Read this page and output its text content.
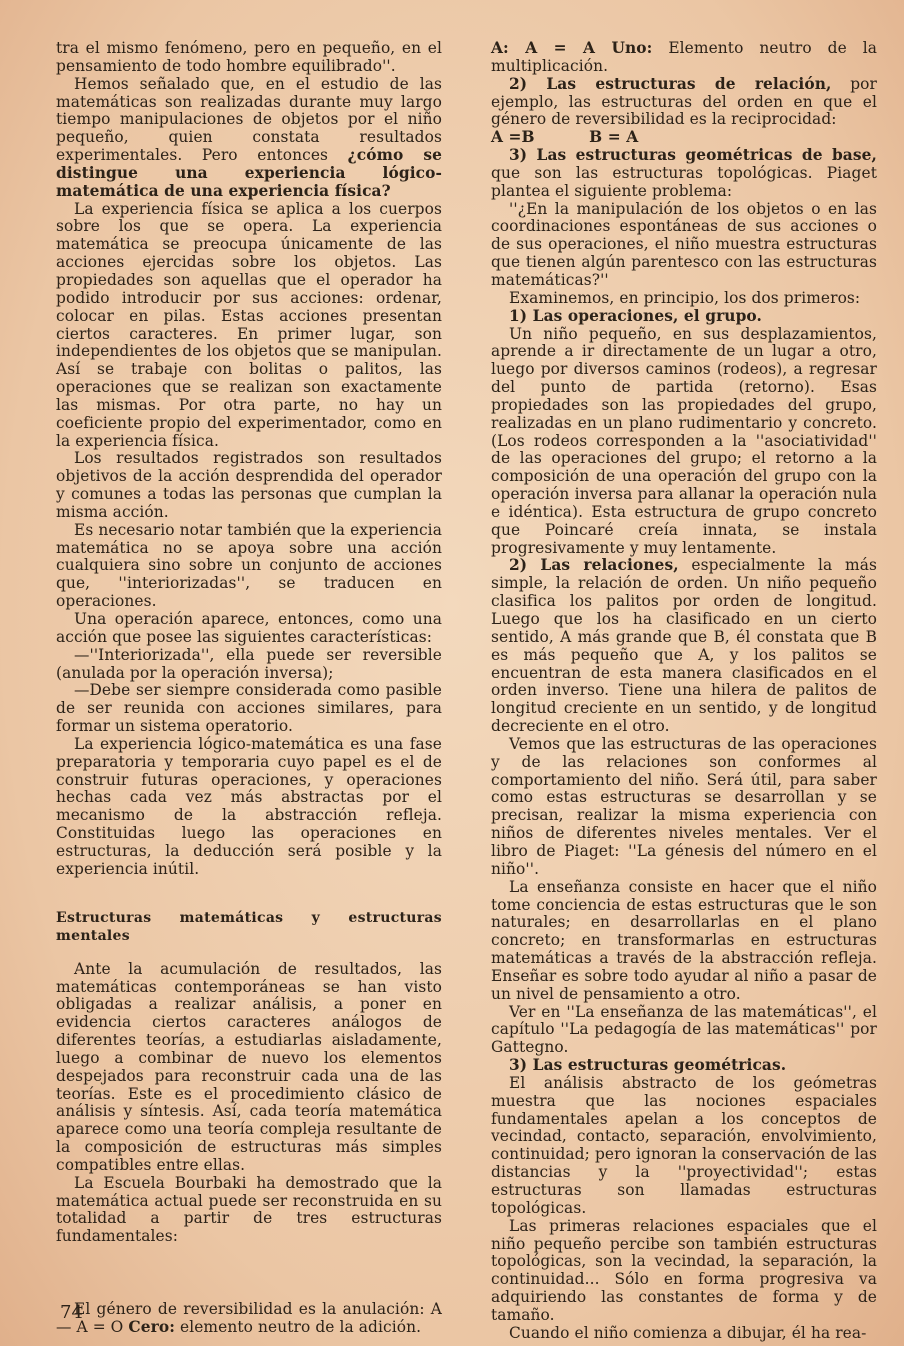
tra el mismo fenómeno, pero en pequeño, en el pensamiento de todo hombre equilibrado''.

Hemos señalado que, en el estudio de las matemáticas son realizadas durante muy largo tiempo manipulaciones de objetos por el niño pequeño, quien constata resultados experimentales. Pero entonces ¿cómo se distingue una experiencia lógico-matemática de una experiencia física?

La experiencia física se aplica a los cuerpos sobre los que se opera. La experiencia matemática se preocupa únicamente de las acciones ejercidas sobre los objetos. Las propiedades son aquellas que el operador ha podido introducir por sus acciones: ordenar, colocar en pilas. Estas acciones presentan ciertos caracteres. En primer lugar, son independientes de los objetos que se manipulan. Así se trabaje con bolitas o palitos, las operaciones que se realizan son exactamente las mismas. Por otra parte, no hay un coeficiente propio del experimentador, como en la experiencia física.

Los resultados registrados son resultados objetivos de la acción desprendida del operador y comunes a todas las personas que cumplan la misma acción.

Es necesario notar también que la experiencia matemática no se apoya sobre una acción cualquiera sino sobre un conjunto de acciones que, ''interiorizadas'', se traducen en operaciones.

Una operación aparece, entonces, como una acción que posee las siguientes características:

—''Interiorizada'', ella puede ser reversible (anulada por la operación inversa);

—Debe ser siempre considerada como pasible de ser reunida con acciones similares, para formar un sistema operatorio.

La experiencia lógico-matemática es una fase preparatoria y temporaria cuyo papel es el de construir futuras operaciones, y operaciones hechas cada vez más abstractas por el mecanismo de la abstracción refleja. Constituidas luego las operaciones en estructuras, la deducción será posible y la experiencia inútil.

Estructuras matemáticas y estructuras mentales

Ante la acumulación de resultados, las matemáticas contemporáneas se han visto obligadas a realizar análisis, a poner en evidencia ciertos caracteres análogos de diferentes teorías, a estudiarlas aisladamente, luego a combinar de nuevo los elementos despejados para reconstruir cada una de las teorías. Este es el procedimiento clásico de análisis y síntesis. Así, cada teoría matemática aparece como una teoría compleja resultante de la composición de estructuras más simples compatibles entre ellas.

La Escuela Bourbaki ha demostrado que la matemática actual puede ser reconstruida en su totalidad a partir de tres estructuras fundamentales:

El género de reversibilidad es la anulación: A — A = O Cero: elemento neutro de la adición.

A: A = A Uno: Elemento neutro de la multiplicación.

2) Las estructuras de relación, por ejemplo, las estructuras del orden en que el género de reversibilidad es la reciprocidad:

A =B          B = A

3) Las estructuras geométricas de base, que son las estructuras topológicas. Piaget plantea el siguiente problema:

''¿En la manipulación de los objetos o en las coordinaciones espontáneas de sus acciones o de sus operaciones, el niño muestra estructuras que tienen algún parentesco con las estructuras matemáticas?''

Examinemos, en principio, los dos primeros:

1) Las operaciones, el grupo.

Un niño pequeño, en sus desplazamientos, aprende a ir directamente de un lugar a otro, luego por diversos caminos (rodeos), a regresar del punto de partida (retorno). Esas propiedades son las propiedades del grupo, realizadas en un plano rudimentario y concreto. (Los rodeos corresponden a la ''asociatividad'' de las operaciones del grupo; el retorno a la composición de una operación del grupo con la operación inversa para allanar la operación nula e idéntica). Esta estructura de grupo concreto que Poincaré creía innata, se instala progresivamente y muy lentamente.

2) Las relaciones, especialmente la más simple, la relación de orden. Un niño pequeño clasifica los palitos por orden de longitud. Luego que los ha clasificado en un cierto sentido, A más grande que B, él constata que B es más pequeño que A, y los palitos se encuentran de esta manera clasificados en el orden inverso. Tiene una hilera de palitos de longitud creciente en un sentido, y de longitud decreciente en el otro.

Vemos que las estructuras de las operaciones y de las relaciones son conformes al comportamiento del niño. Será útil, para saber como estas estructuras se desarrollan y se precisan, realizar la misma experiencia con niños de diferentes niveles mentales. Ver el libro de Piaget: ''La génesis del número en el niño''.

La enseñanza consiste en hacer que el niño tome conciencia de estas estructuras que le son naturales; en desarrollarlas en el plano concreto; en transformarlas en estructuras matemáticas a través de la abstracción refleja. Enseñar es sobre todo ayudar al niño a pasar de un nivel de pensamiento a otro.

Ver en ''La enseñanza de las matemáticas'', el capítulo ''La pedagogía de las matemáticas'' por Gattegno.

3) Las estructuras geométricas.

El análisis abstracto de los geómetras muestra que las nociones espaciales fundamentales apelan a los conceptos de vecindad, contacto, separación, envolvimiento, continuidad; pero ignoran la conservación de las distancias y la ''proyectividad''; estas estructuras son llamadas estructuras topológicas.

Las primeras relaciones espaciales que el niño pequeño percibe son también estructuras topológicas, son la vecindad, la separación, la continuidad... Sólo en forma progresiva va adquiriendo las constantes de forma y de tamaño.

Cuando el niño comienza a dibujar, él ha rea-

74
